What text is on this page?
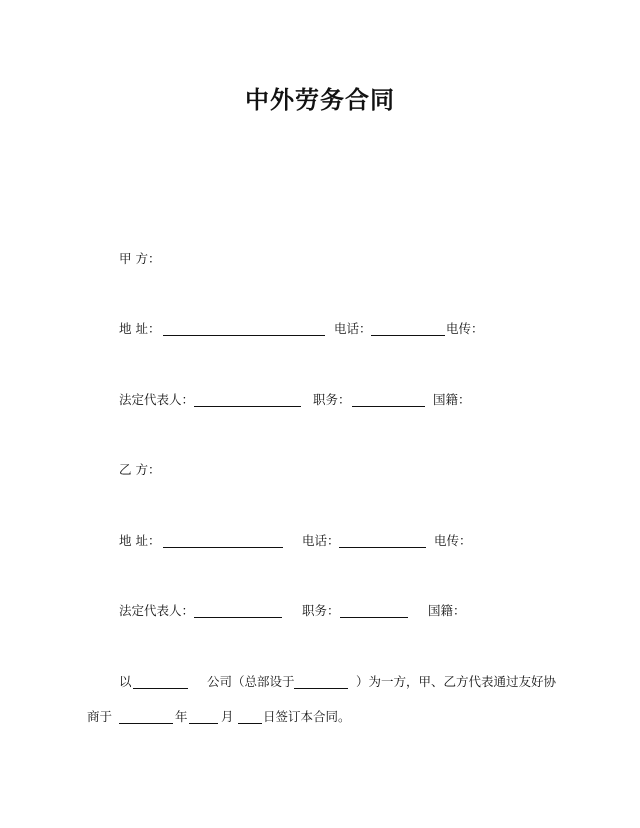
中外劳务合同
甲 方：
地 址：	电话：	电传：
法定代表人：	职务：	国籍：
乙 方：
地 址：	电话：	电传：
法定代表人：	职务：	国籍：
以	公司（总部设于	）为一方，甲、乙方代表通过友好协
商于	年	月 日签订本合同。
